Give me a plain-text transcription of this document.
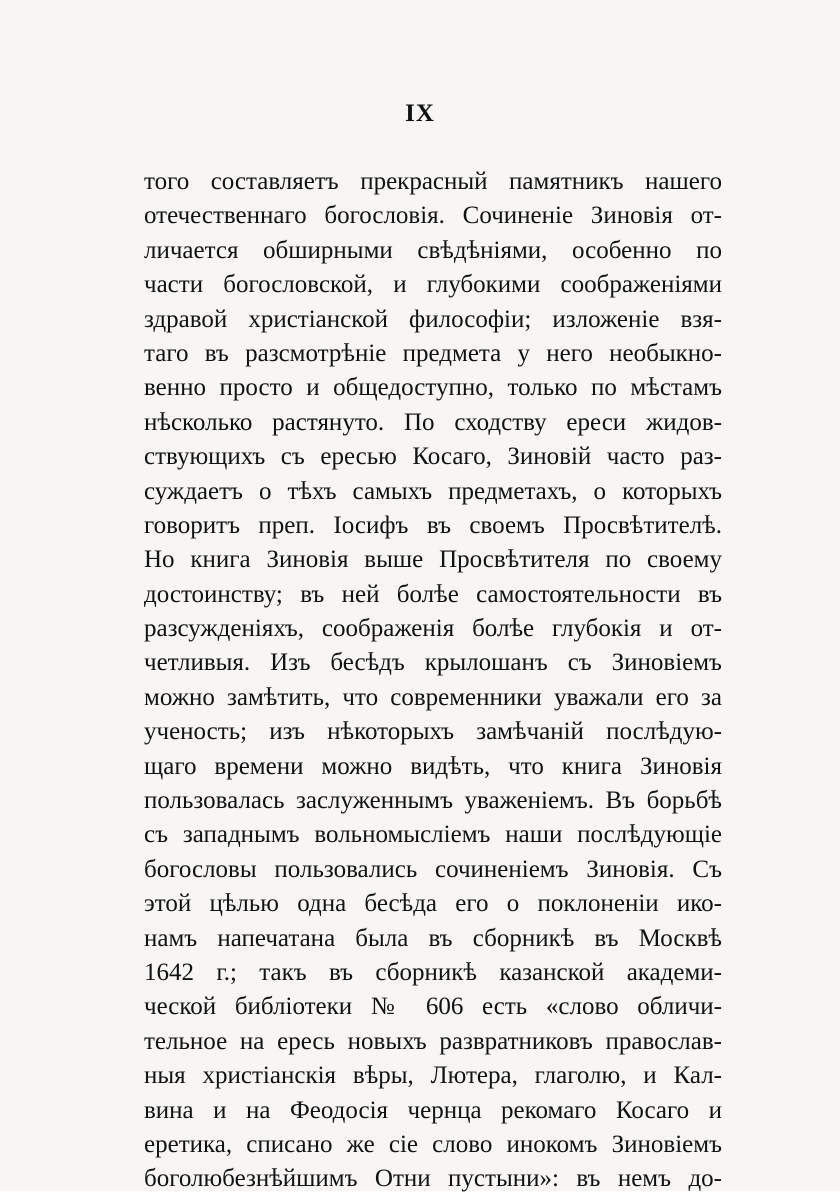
IX
того составляетъ прекрасный памятникъ нашего
отечественнаго богословія. Сочиненіе Зиновія от-
личается обширными свѣдѣніями, особенно по
части богословской, и глубокими соображеніями
здравой христіанской философіи; изложеніе взя-
таго въ разсмотрѣніе предмета у него необыкно-
венно просто и общедоступно, только по мѣстамъ
нѣсколько растянуто. По сходству ереси жидов-
ствующихъ съ ересью Косаго, Зиновій часто раз-
суждаетъ о тѣхъ самыхъ предметахъ, о которыхъ
говоритъ преп. Іосифъ въ своемъ Просвѣтителѣ.
Но книга Зиновія выше Просвѣтителя по своему
достоинству; въ ней болѣе самостоятельности въ
разсужденіяхъ, соображенія болѣе глубокія и от-
четливыя. Изъ бесѣдъ крылошанъ съ Зиновіемъ
можно замѣтить, что современники уважали его за
ученость; изъ нѣкоторыхъ замѣчаній послѣдую-
щаго времени можно видѣть, что книга Зиновія
пользовалась заслуженнымъ уваженіемъ. Въ борьбѣ
съ западнымъ вольномысліемъ наши послѣдующіе
богословы пользовались сочиненіемъ Зиновія. Съ
этой цѣлью одна бесѣда его о поклоненіи ико-
намъ напечатана была въ сборникѣ въ Москвѣ
1642 г.; такъ въ сборникѣ казанской академи-
ческой библіотеки № 606 есть «слово обличи-
тельное на ересь новыхъ развратниковъ православ-
ныя христіанскія вѣры, Лютера, глаголю, и Кал-
вина и на Феодосія чернца рекомаго Косаго и
еретика, списано же сіе слово инокомъ Зиновіемъ
боголюбезнѣйшимъ Отни пустыни»: въ немъ до-
